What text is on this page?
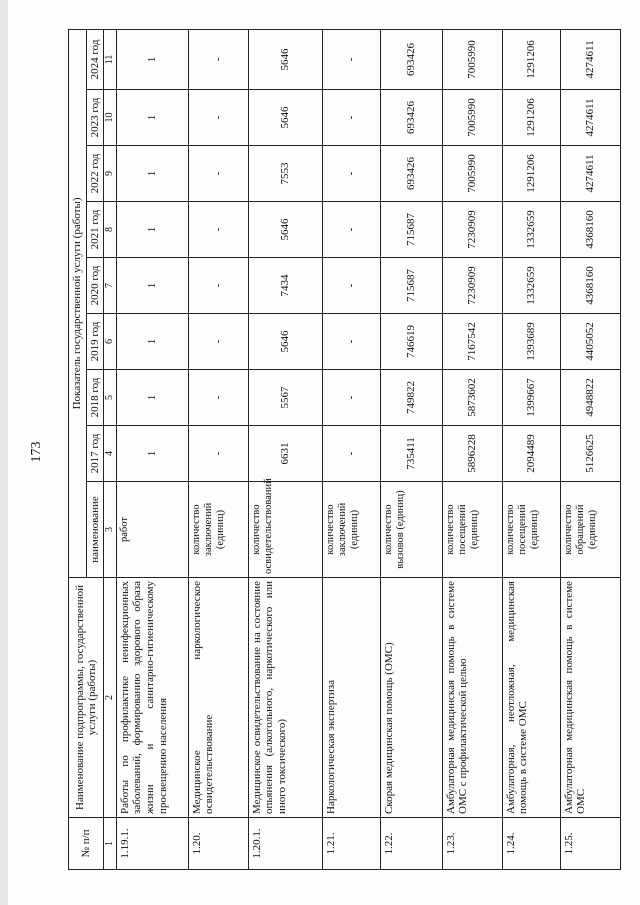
173
№ п/п	Наименование подпрограммы, государственной услуги (работы)	Показатель государственной услуги (работы)								
		наименование	2017 год	2018 год	2019 год	2020 год	2021 год	2022 год	2023 год	2024 год
1	2	3	4	5	6	7	8	9	10	11
1.19.1.	Работы по профилактике неинфекционных заболеваний, формированию здорового образа жизни и санитарно-гигиеническому просвещению населения	работ	1	1	1	1	1	1	1	1
1.20.	Медицинское наркологическое освидетельствование	количество заключений (единиц)	-	-	-	-	-	-	-	-
1.20.1.	Медицинское освидетельствование на состояние опьянения (алкогольного, наркотического или иного токсического)	количество освидетельствований	6631	5567	5646	7434	5646	7553	5646	5646
1.21.	Наркологическая экспертиза	количество заключений (единиц)	-	-	-	-	-	-	-	-
1.22.	Скорая медицинская помощь (ОМС)	количество вызовов (единиц)	735411	749822	746619	715687	715687	693426	693426	693426
1.23.	Амбулаторная медицинская помощь в системе ОМС с профилактической целью	количество посещений (единиц)	5896228	5873602	7167542	7230909	7230909	7005990	7005990	7005990
1.24.	Амбулаторная, неотложная, медицинская помощь в системе ОМС	количество посещений (единиц)	2094489	1399667	1393689	1332659	1332659	1291206	1291206	1291206
1.25.	Амбулаторная медицинская помощь в системе ОМС	количество обращений (единиц)	5126625	4948822	4405052	4368160	4368160	4274611	4274611	4274611
